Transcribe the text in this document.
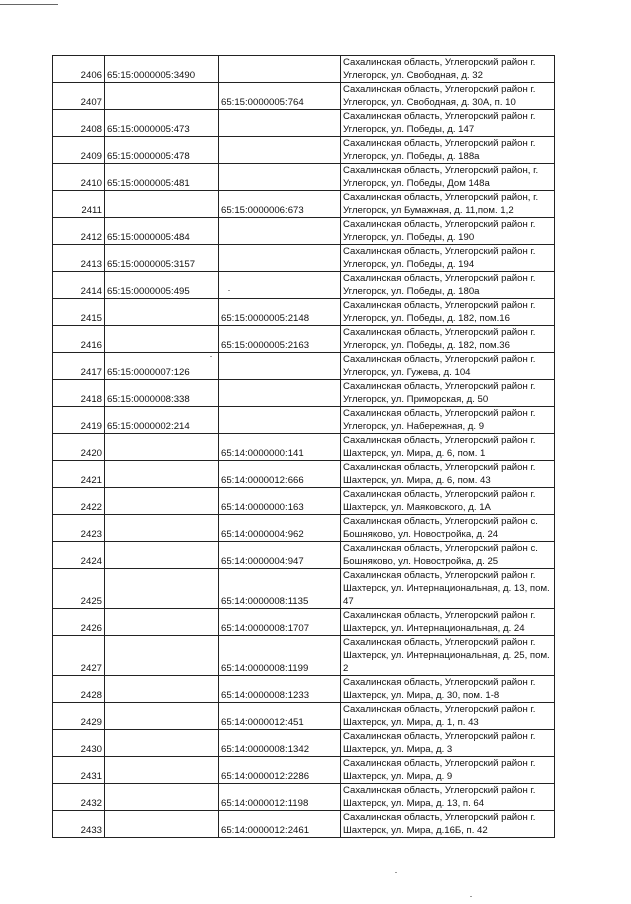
2406	65:15:0000005:3490		Сахалинская область, Углегорский район г.
Углегорск, ул. Свободная, д. 32

2407		65:15:0000005:764	Сахалинская область, Углегорский район г.
Углегорск, ул. Свободная, д. 30А, п. 10

2408	65:15:0000005:473		Сахалинская область, Углегорский район г.
Углегорск, ул. Победы, д. 147

2409	65:15:0000005:478		Сахалинская область, Углегорский район г.
Углегорск, ул. Победы, д. 188а

2410	65:15:0000005:481		Сахалинская область, Углегорский район, г.
Углегорск, ул. Победы, Дом 148а

2411		65:15:0000006:673	Сахалинская область, Углегорский район, г.
Углегорск, ул Бумажная, д. 11,пом. 1,2

2412	65:15:0000005:484		Сахалинская область, Углегорский район г.
Углегорск, ул. Победы, д. 190

2413	65:15:0000005:3157		Сахалинская область, Углегорский район г.
Углегорск, ул. Победы, д. 194

2414	65:15:0000005:495		Сахалинская область, Углегорский район г.
Углегорск, ул. Победы, д. 180а

2415		65:15:0000005:2148	Сахалинская область, Углегорский район г.
Углегорск, ул. Победы, д. 182, пом.16

2416		65:15:0000005:2163	Сахалинская область, Углегорский район г.
Углегорск, ул. Победы, д. 182, пом.36

2417	65:15:0000007:126		Сахалинская область, Углегорский район г.
Углегорск, ул. Гужева, д. 104

2418	65:15:0000008:338		Сахалинская область, Углегорский район г.
Углегорск, ул. Приморская, д. 50

2419	65:15:0000002:214		Сахалинская область, Углегорский район г.
Углегорск, ул. Набережная, д. 9

2420		65:14:0000000:141	Сахалинская область, Углегорский район г.
Шахтерск, ул. Мира, д. 6, пом. 1

2421		65:14:0000012:666	Сахалинская область, Углегорский район г.
Шахтерск, ул. Мира, д. 6, пом. 43

2422		65:14:0000000:163	Сахалинская область, Углегорский район г.
Шахтерск, ул. Маяковского, д. 1А

2423		65:14:0000004:962	Сахалинская область, Углегорский район с.
Бошняково, ул. Новостройка, д. 24

2424		65:14:0000004:947	Сахалинская область, Углегорский район с.
Бошняково, ул. Новостройка, д. 25

2425		65:14:0000008:1135	Сахалинская область, Углегорский район г.
Шахтерск, ул. Интернациональная, д. 13, пом.
47

2426		65:14:0000008:1707	Сахалинская область, Углегорский район г.
Шахтерск, ул. Интернациональная, д. 24

2427		65:14:0000008:1199	Сахалинская область, Углегорский район г.
Шахтерск, ул. Интернациональная, д. 25, пом.
2

2428		65:14:0000008:1233	Сахалинская область, Углегорский район г.
Шахтерск, ул. Мира, д. 30, пом. 1-8

2429		65:14:0000012:451	Сахалинская область, Углегорский район г.
Шахтерск, ул. Мира, д. 1, п. 43

2430		65:14:0000008:1342	Сахалинская область, Углегорский район г.
Шахтерск, ул. Мира, д. 3

2431		65:14:0000012:2286	Сахалинская область, Углегорский район г.
Шахтерск, ул. Мира, д. 9

2432		65:14:0000012:1198	Сахалинская область, Углегорский район г.
Шахтерск, ул. Мира, д. 13, п. 64

2433		65:14:0000012:2461	Сахалинская область, Углегорский район г.
Шахтерск, ул. Мира, д.16Б, п. 42
